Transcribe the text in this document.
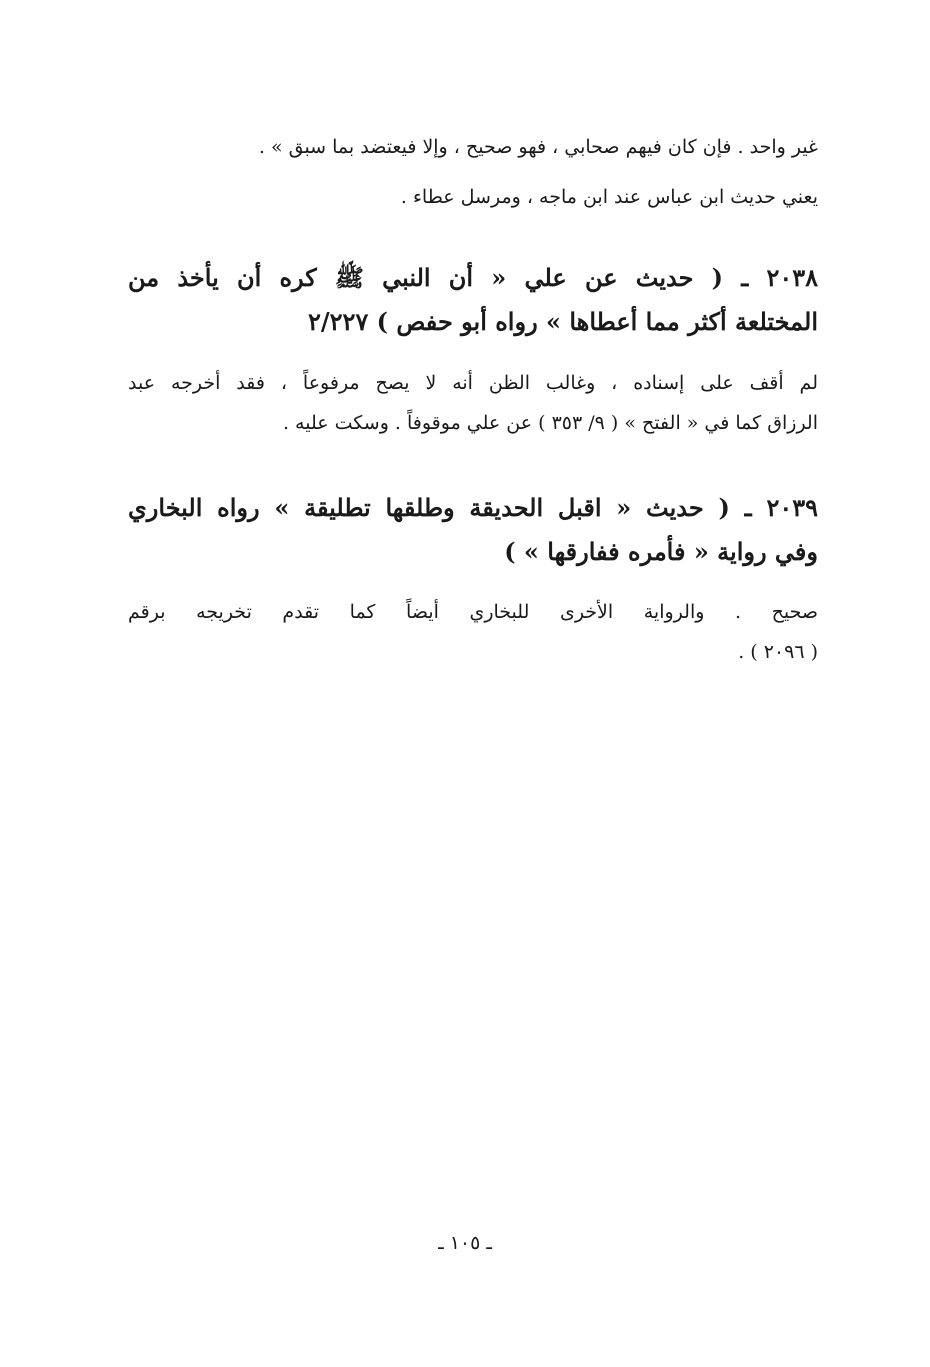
غير واحد . فإن كان فيهم صحابي ، فهو صحيح ، وإلا فيعتضد بما سبق » .
يعني حديث ابن عباس عند ابن ماجه ، ومرسل عطاء .
٢٠٣٨ ـ ( حديث عن علي « أن النبي ﷺ كره أن يأخذ من
المختلعة أكثر مما أعطاها » رواه أبو حفص ) ٢/٢٢٧
لم أقف على إسناده ، وغالب الظن أنه لا يصح مرفوعاً ، فقد أخرجه عبد
الرزاق كما في « الفتح » ( ٩/ ٣٥٣ ) عن علي موقوفاً . وسكت عليه .
٢٠٣٩ ـ ( حديث « اقبل الحديقة وطلقها تطليقة » رواه البخاري
وفي رواية « فأمره ففارقها » )
صحيح . والرواية الأخرى للبخاري أيضاً كما تقدم تخريجه برقم
( ٢٠٩٦ ) .
ـ ١٠٥ ـ
